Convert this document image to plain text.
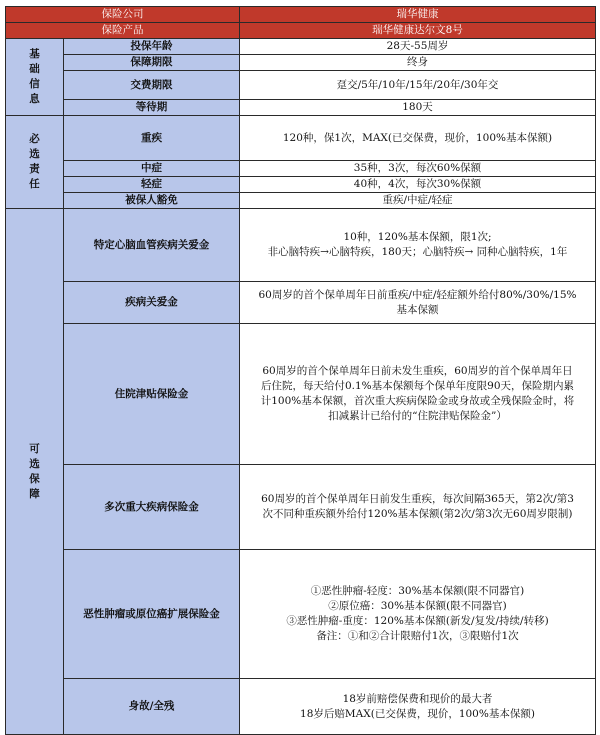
保险公司		瑞华健康
保险产品		瑞华健康达尔文8号

基
础
信
息	投保年龄	28天-55周岁
	保障期限	终身
	交费期限	趸交/5年/10年/15年/20年/30年交
	等待期	180天

必
选
责
任	重疾	120种，保1次，MAX(已交保费，现价，100%基本保额)
	中症	35种，3次，每次60%保额
	轻症	40种，4次，每次30%保额
	被保人豁免	重疾/中症/轻症

可
选
保
障	特定心脑血管疾病关爱金	10种，120%基本保额，限1次;
非心脑特疾→心脑特疾，180天；心脑特疾→ 同种心脑特疾，1年

	疾病关爱金	60周岁的首个保单周年日前重疾/中症/轻症额外给付80%/30%/15%
基本保额

	住院津贴保险金	60周岁的首个保单周年日前未发生重疾，60周岁的首个保单周年日
后住院，每天给付0.1%基本保额每个保单年度限90天，保险期内累
计100%基本保额，首次重大疾病保险金或身故或全残保险金时，将
扣减累计已给付的“住院津贴保险金”）

	多次重大疾病保险金	60周岁的首个保单周年日前发生重疾，每次间隔365天，第2次/第3
次不同种重疾额外给付120%基本保额(第2次/第3次无60周岁限制)

	恶性肿瘤或原位癌扩展保险金	①恶性肿瘤-轻度：30%基本保额(限不同器官)
②原位癌：30%基本保额(限不同器官)
③恶性肿瘤-重度：120%基本保额(新发/复发/持续/转移)
备注：①和②合计限赔付1次，③限赔付1次

	身故/全残	18岁前赔偿保费和现价的最大者
18岁后赔MAX(已交保费，现价，100%基本保额)
